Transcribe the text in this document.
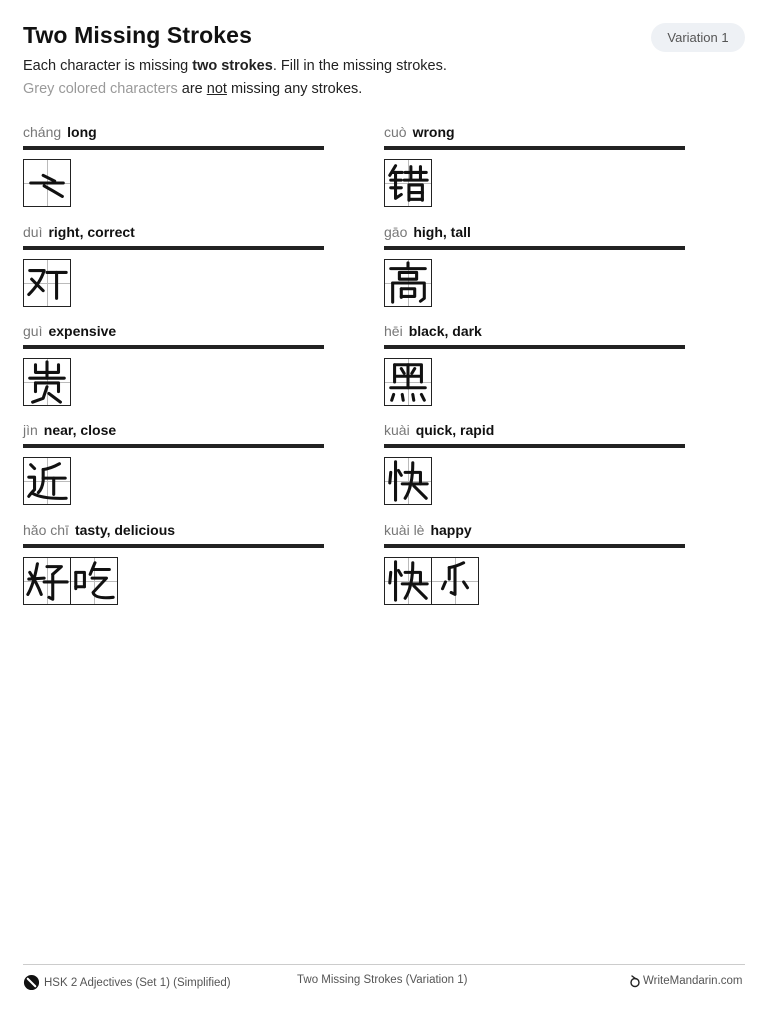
Two Missing Strokes	Variation 1
Each character is missing two strokes. Fill in the missing strokes.
Grey colored characters are not missing any strokes.
cháng long	cuò wrong
duì right, correct	gāo high, tall
guì expensive	hēi black, dark
jìn near, close	kuài quick, rapid
hǎo chī tasty, delicious	kuài lè happy
HSK 2 Adjectives (Set 1) (Simplified)	Two Missing Strokes (Variation 1)	WriteMandarin.com
